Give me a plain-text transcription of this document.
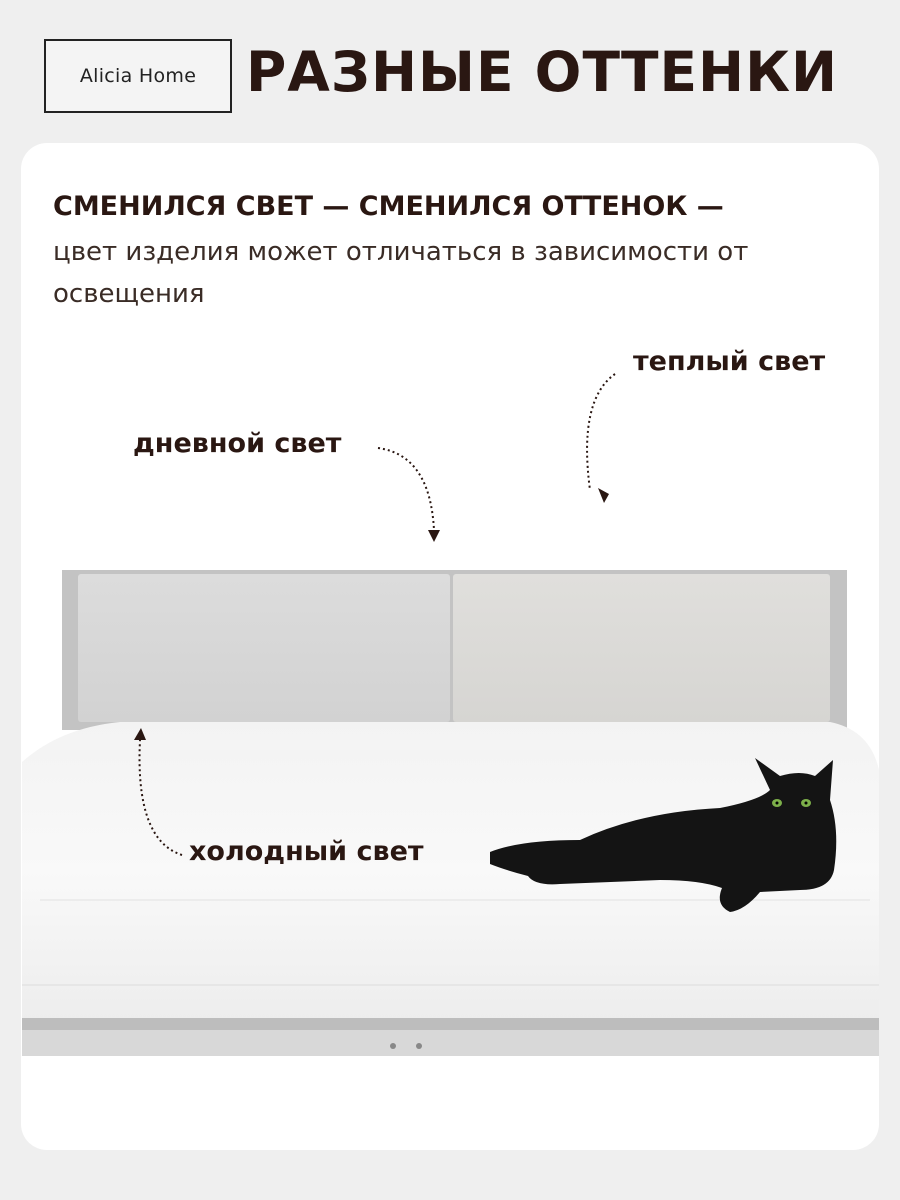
Alicia Home РАЗНЫЕ ОТТЕНКИ
СМЕНИЛСЯ СВЕТ — СМЕНИЛСЯ ОТТЕНОК —
цвет изделия может отличаться в зависимости от освещения
дневной свет
теплый свет
холодный свет
